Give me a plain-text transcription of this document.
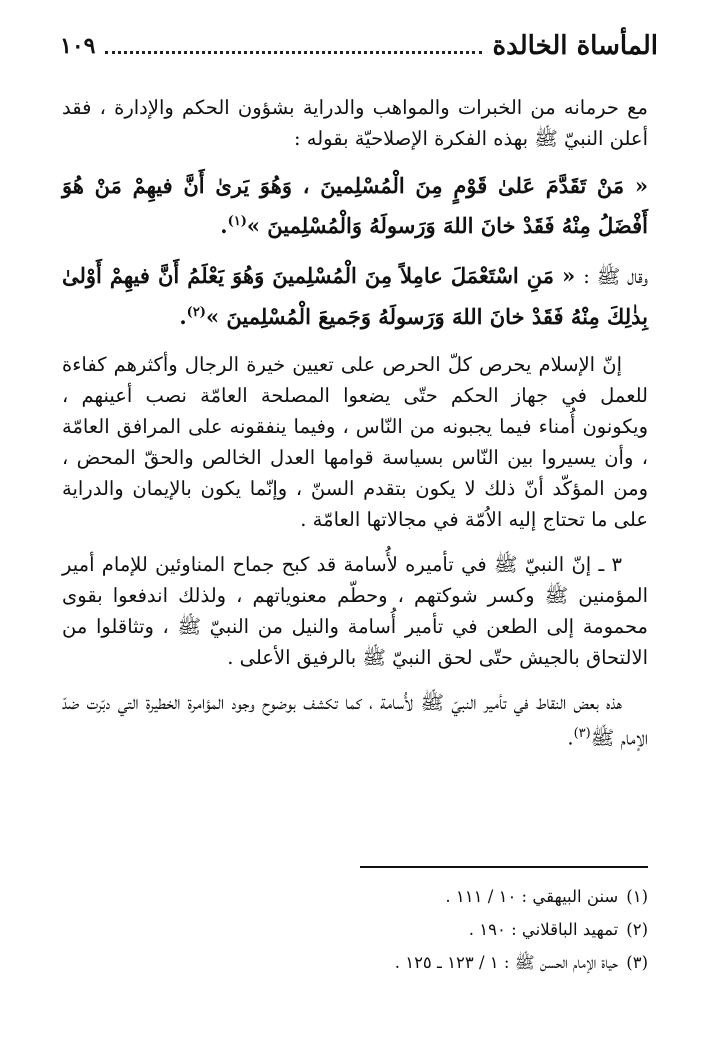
المأساة الخالدة
١٠٩

مع حرمانه من الخبرات والمواهب والدراية بشؤون الحكم والإدارة ، فقد أعلن النبيّ ﷺ بهذه الفكرة الإصلاحيّة بقوله :

« مَنْ تَقَدَّمَ عَلىٰ قَوْمٍ مِنَ الْمُسْلِمينَ ، وَهُوَ يَرىٰ أَنَّ فيهِمْ مَنْ هُوَ أَفْضَلُ مِنْهُ فَقَدْ خانَ اللهَ وَرَسولَهُ وَالْمُسْلِمينَ »$^{(١)}$.

وقال ﷺ : « مَنِ اسْتَعْمَلَ عامِلاً مِنَ الْمُسْلِمينَ وَهُوَ يَعْلَمُ أَنَّ فيهِمْ أَوْلىٰ بِذٰلِكَ مِنْهُ فَقَدْ خانَ اللهَ وَرَسولَهُ وَجَميعَ الْمُسْلِمينَ »$^{(٢)}$.

إنّ الإسلام يحرص كلّ الحرص على تعيين خيرة الرجال وأكثرهم كفاءة للعمل في جهاز الحكم حتّى يضعوا المصلحة العامّة نصب أعينهم ، ويكونون أُمناء فيما يجبونه من النّاس ، وفيما ينفقونه على المرافق العامّة ، وأن يسيروا بين النّاس بسياسة قوامها العدل الخالص والحقّ المحض ، ومن المؤكّد أنّ ذلك لا يكون بتقدم السنّ ، وإنّما يكون بالإيمان والدراية على ما تحتاج إليه الاُمّة في مجالاتها العامّة .

٣ ـ إنّ النبيّ ﷺ في تأميره لأُسامة قد كبح جماح المناوئين للإمام أمير المؤمنين ﷺ وكسر شوكتهم ، وحطّم معنوياتهم ، ولذلك اندفعوا بقوى محمومة إلى الطعن في تأمير أُسامة والنيل من النبيّ ﷺ ، وتثاقلوا من الالتحاق بالجيش حتّى لحق النبيّ ﷺ بالرفيق الأعلى .

هذه بعض النقاط في تأمير النبيّ ﷺ لأُسامة ، كما تكشف بوضوح وجود المؤامرة الخطيرة التي دبّرت ضدّ الإمام ﷺ$^{(٣)}$.

(١)سنن البيهقي : ١٠ / ١١١ .
(٢)تمهيد الباقلاني : ١٩٠ .
(٣)حياة الإمام الحسن ﷺ : ١ / ١٢٣ ـ ١٢٥ .
